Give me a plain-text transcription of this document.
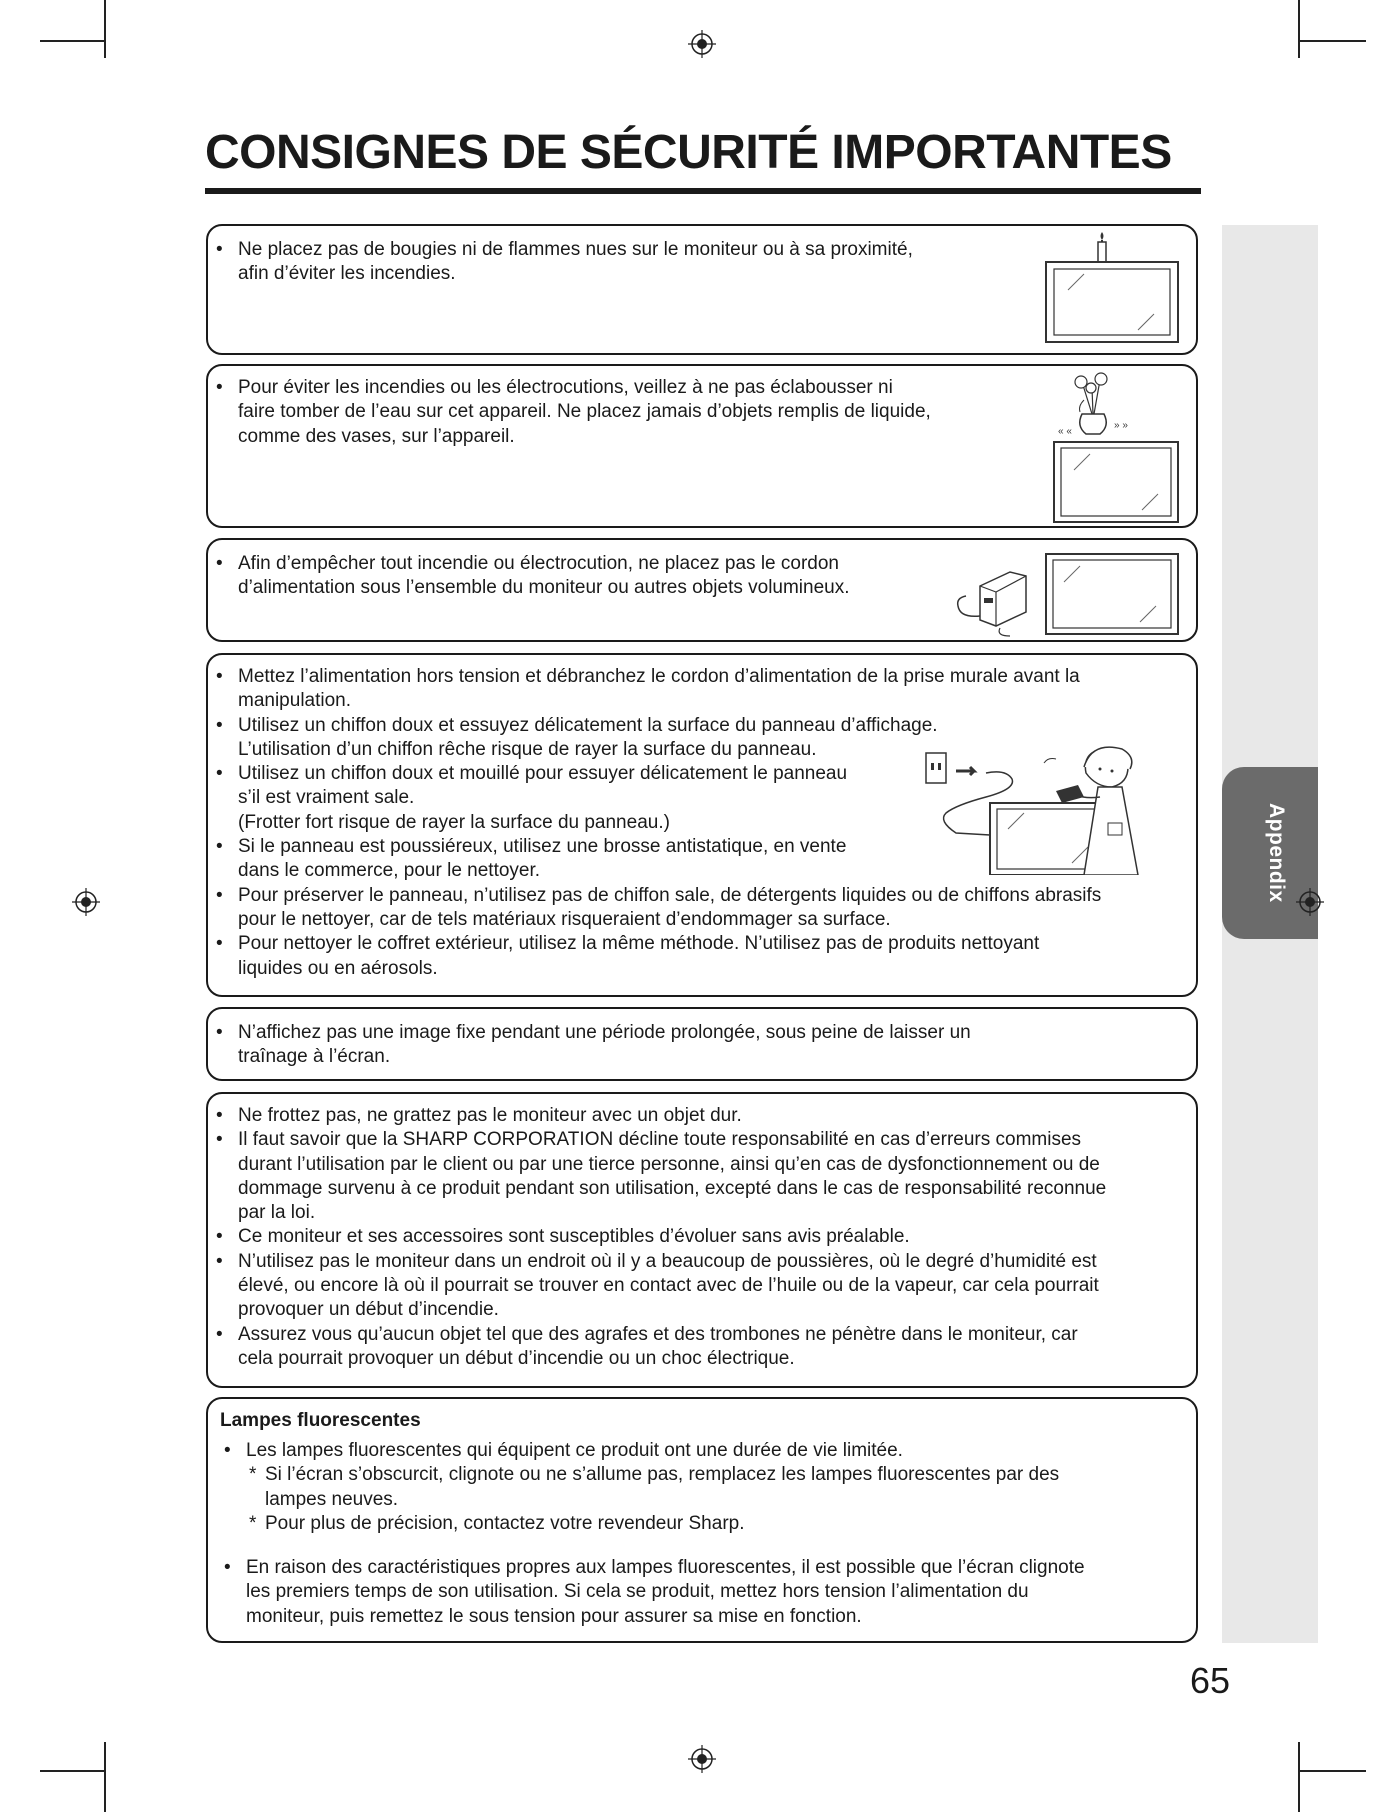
Appendix
CONSIGNES DE SÉCURITÉ IMPORTANTES
• Ne placez pas de bougies ni de flammes nues sur le moniteur ou à sa proximité,
afin d’éviter les incendies.
• Pour éviter les incendies ou les électrocutions, veillez à ne pas éclabousser ni
faire tomber de l’eau sur cet appareil. Ne placez jamais d’objets remplis de liquide,
comme des vases, sur l’appareil.	« «
» »
• Afin d’empêcher tout incendie ou électrocution, ne placez pas le cordon
d’alimentation sous l’ensemble du moniteur ou autres objets volumineux.
• Mettez l’alimentation hors tension et débranchez le cordon d’alimentation de la prise murale avant la
manipulation.
• Utilisez un chiffon doux et essuyez délicatement la surface du panneau d’affichage.
L’utilisation d’un chiffon rêche risque de rayer la surface du panneau.
• Utilisez un chiffon doux et mouillé pour essuyer délicatement le panneau
s’il est vraiment sale.
(Frotter fort risque de rayer la surface du panneau.)
• Si le panneau est poussiéreux, utilisez une brosse antistatique, en vente
dans le commerce, pour le nettoyer.
• Pour préserver le panneau, n’utilisez pas de chiffon sale, de détergents liquides ou de chiffons abrasifs
pour le nettoyer, car de tels matériaux risqueraient d’endommager sa surface.
• Pour nettoyer le coffret extérieur, utilisez la même méthode. N’utilisez pas de produits nettoyant
liquides ou en aérosols.
• N’affichez pas une image fixe pendant une période prolongée, sous peine de laisser un
traînage à l’écran.
• Ne frottez pas, ne grattez pas le moniteur avec un objet dur.
• Il faut savoir que la SHARP CORPORATION décline toute responsabilité en cas d’erreurs commises
durant l’utilisation par le client ou par une tierce personne, ainsi qu’en cas de dysfonctionnement ou de
dommage survenu à ce produit pendant son utilisation, excepté dans le cas de responsabilité reconnue
par la loi.
• Ce moniteur et ses accessoires sont susceptibles d’évoluer sans avis préalable.
• N’utilisez pas le moniteur dans un endroit où il y a beaucoup de poussières, où le degré d’humidité est
élevé, ou encore là où il pourrait se trouver en contact avec de l’huile ou de la vapeur, car cela pourrait
provoquer un début d’incendie.
• Assurez vous qu’aucun objet tel que des agrafes et des trombones ne pénètre dans le moniteur, car
cela pourrait provoquer un début d’incendie ou un choc électrique.
Lampes fluorescentes
• Les lampes fluorescentes qui équipent ce produit ont une durée de vie limitée.
* Si l’écran s’obscurcit, clignote ou ne s’allume pas, remplacez les lampes fluorescentes par des
lampes neuves.
* Pour plus de précision, contactez votre revendeur Sharp.
• En raison des caractéristiques propres aux lampes fluorescentes, il est possible que l’écran clignote
les premiers temps de son utilisation. Si cela se produit, mettez hors tension l’alimentation du
moniteur, puis remettez le sous tension pour assurer sa mise en fonction.
65
